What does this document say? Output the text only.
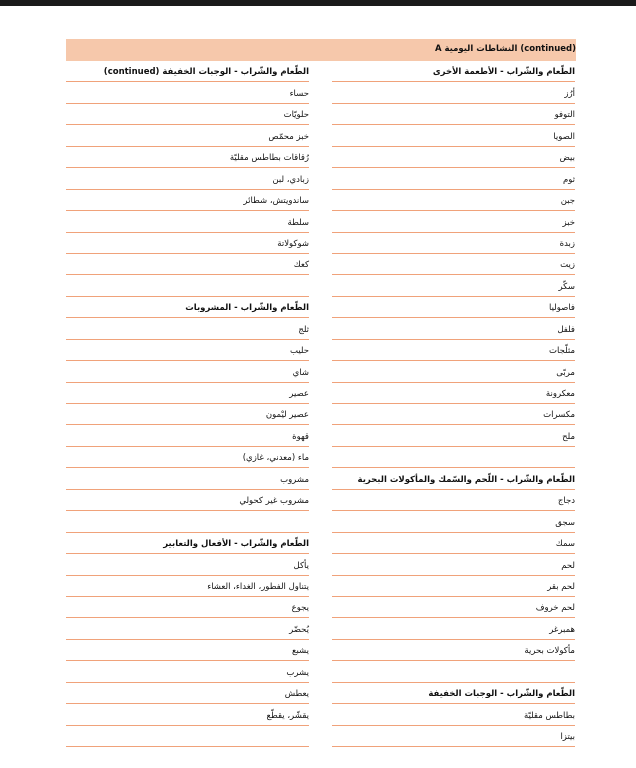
A النشاطات اليومية (continued)
الطّعام والشّراب - الأطعمة الأخرى
أرُز
التوفو
الصويا
بيض
ثوم
جبن
خبز
زبدة
زيت
سكّر
فاصوليا
فلفل
مثلّجات
مربّى
معكرونة
مكسرات
ملح
الطّعام والشّراب - اللّحم والسّمك والمأكولات البحرية
دجاج
سجق
سمك
لحم
لحم بقر
لحم خروف
همبرغر
مأكولات بحرية
الطّعام والشّراب - الوجبات الخفيفة
بطاطس مقليّة
بيتزا
الطّعام والشّراب - الوجبات الخفيفة (continued)
حساء
حلويّات
خبز محمّص
رُقاقات بطاطس مقليّة
زبادي، لبن
ساندويتش، شطائر
سلطة
شوكولاتة
كعك
الطّعام والشّراب - المشروبات
ثلج
حليب
شاي
عصير
عصير ليْمون
قهوة
ماء (معدني، غازي)
مشروب
مشروب غير كحولي
الطّعام والشّراب - الأفعال والتعابير
يأكل
يتناول الفطور، الغداء، العشاء
يجوع
يُحضّر
يشبع
يشرب
يعطش
يقشّر، يقطّع
